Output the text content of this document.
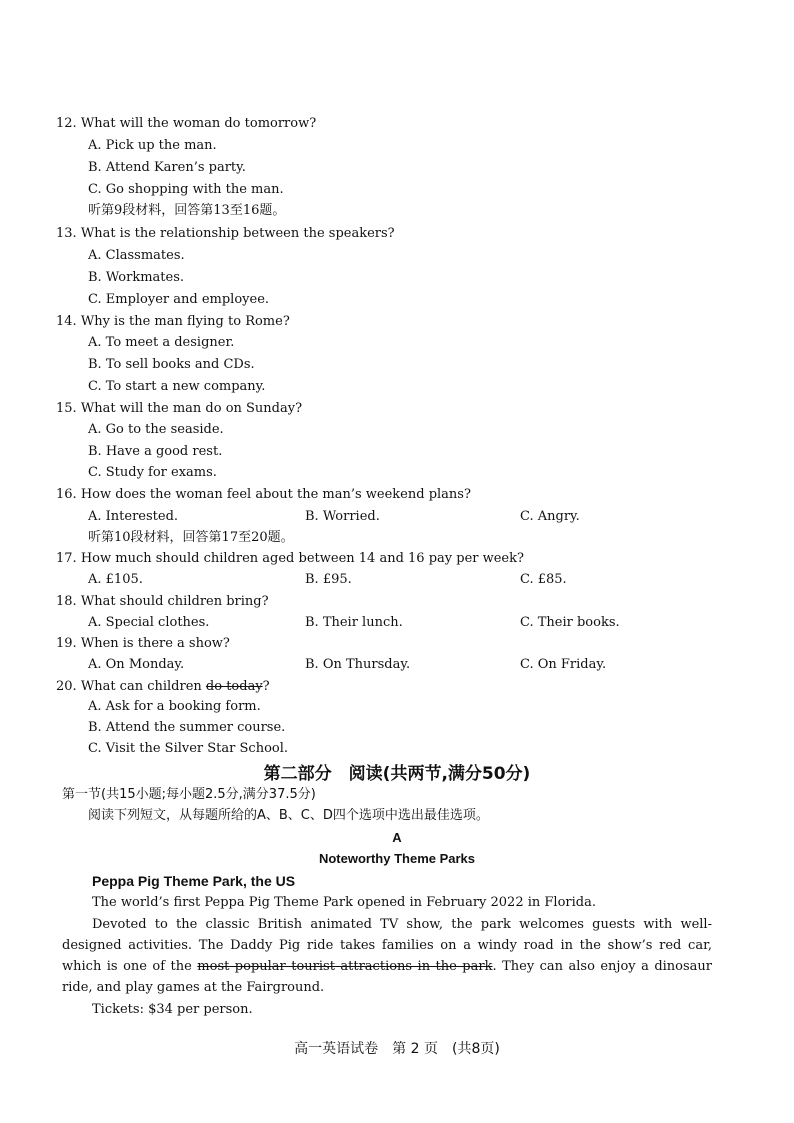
12. What will the woman do tomorrow?
A. Pick up the man.
B. Attend Karen’s party.
C. Go shopping with the man.
听第9段材料，回答第13至16题。
13. What is the relationship between the speakers?
A. Classmates.
B. Workmates.
C. Employer and employee.
14. Why is the man flying to Rome?
A. To meet a designer.
B. To sell books and CDs.
C. To start a new company.
15. What will the man do on Sunday?
A. Go to the seaside.
B. Have a good rest.
C. Study for exams.
16. How does the woman feel about the man’s weekend plans?
A. Interested.	B. Worried.	C. Angry.
听第10段材料，回答第17至20题。
17. How much should children aged between 14 and 16 pay per week?
A. £105.	B. £95.	C. £85.
18. What should children bring?
A. Special clothes.	B. Their lunch.	C. Their books.
19. When is there a show?
A. On Monday.	B. On Thursday.	C. On Friday.
20. What can children do today?
A. Ask for a booking form.
B. Attend the summer course.
C. Visit the Silver Star School.
第二部分　阅读(共两节,满分50分)
第一节(共15小题;每小题2.5分,满分37.5分)
阅读下列短文，从每题所给的A、B、C、D四个选项中选出最佳选项。
A
Noteworthy Theme Parks
Peppa Pig Theme Park, the US
The world’s first Peppa Pig Theme Park opened in February 2022 in Florida.
Devoted to the classic British animated TV show, the park welcomes guests with well-designed activities. The Daddy Pig ride takes families on a windy road in the show’s red car, which is one of the most popular tourist attractions in the park. They can also enjoy a dinosaur ride, and play games at the Fairground.
Tickets: $34 per person.
高一英语试卷　第 2 页　(共8页)
